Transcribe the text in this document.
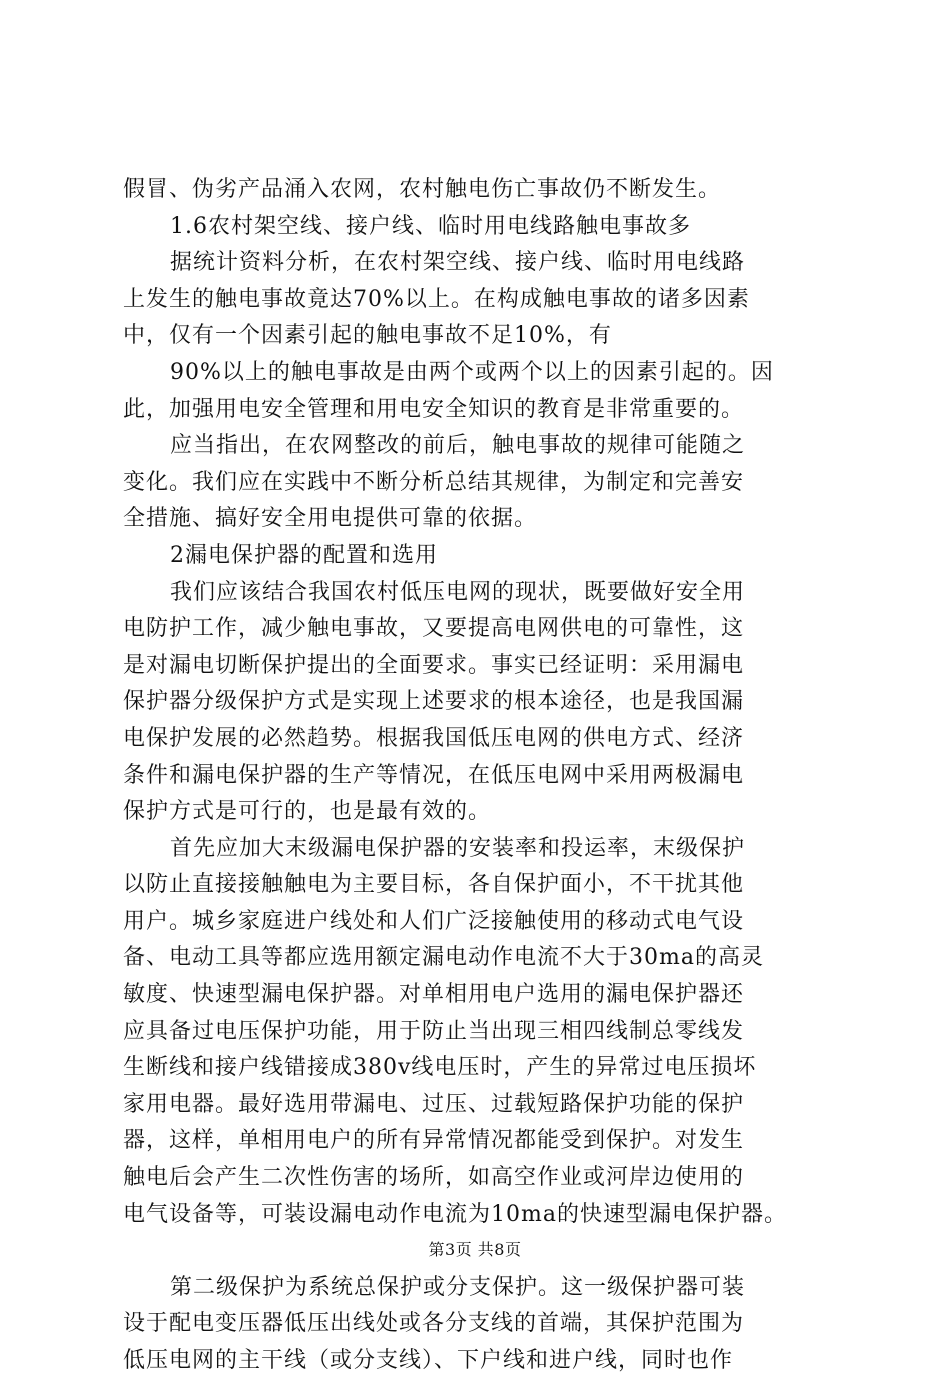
假冒、伪劣产品涌入农网，农村触电伤亡事故仍不断发生。
1.6农村架空线、接户线、临时用电线路触电事故多
据统计资料分析，在农村架空线、接户线、临时用电线路
上发生的触电事故竟达70%以上。在构成触电事故的诸多因素
中，仅有一个因素引起的触电事故不足10%，有
90%以上的触电事故是由两个或两个以上的因素引起的。因
此，加强用电安全管理和用电安全知识的教育是非常重要的。
应当指出，在农网整改的前后，触电事故的规律可能随之
变化。我们应在实践中不断分析总结其规律，为制定和完善安
全措施、搞好安全用电提供可靠的依据。
2漏电保护器的配置和选用
我们应该结合我国农村低压电网的现状，既要做好安全用
电防护工作，减少触电事故，又要提高电网供电的可靠性，这
是对漏电切断保护提出的全面要求。事实已经证明：采用漏电
保护器分级保护方式是实现上述要求的根本途径，也是我国漏
电保护发展的必然趋势。根据我国低压电网的供电方式、经济
条件和漏电保护器的生产等情况，在低压电网中采用两极漏电
保护方式是可行的，也是最有效的。
首先应加大末级漏电保护器的安装率和投运率，末级保护
以防止直接接触触电为主要目标，各自保护面小，不干扰其他
用户。城乡家庭进户线处和人们广泛接触使用的移动式电气设
备、电动工具等都应选用额定漏电动作电流不大于30ma的高灵
敏度、快速型漏电保护器。对单相用电户选用的漏电保护器还
应具备过电压保护功能，用于防止当出现三相四线制总零线发
生断线和接户线错接成380v线电压时，产生的异常过电压损坏
家用电器。最好选用带漏电、过压、过载短路保护功能的保护
器，这样，单相用电户的所有异常情况都能受到保护。对发生
触电后会产生二次性伤害的场所，如高空作业或河岸边使用的
电气设备等，可装设漏电动作电流为10ma的快速型漏电保护器。
第二级保护为系统总保护或分支保护。这一级保护器可装
设于配电变压器低压出线处或各分支线的首端，其保护范围为
低压电网的主干线（或分支线）、下户线和进户线，同时也作
第3页 共8页
